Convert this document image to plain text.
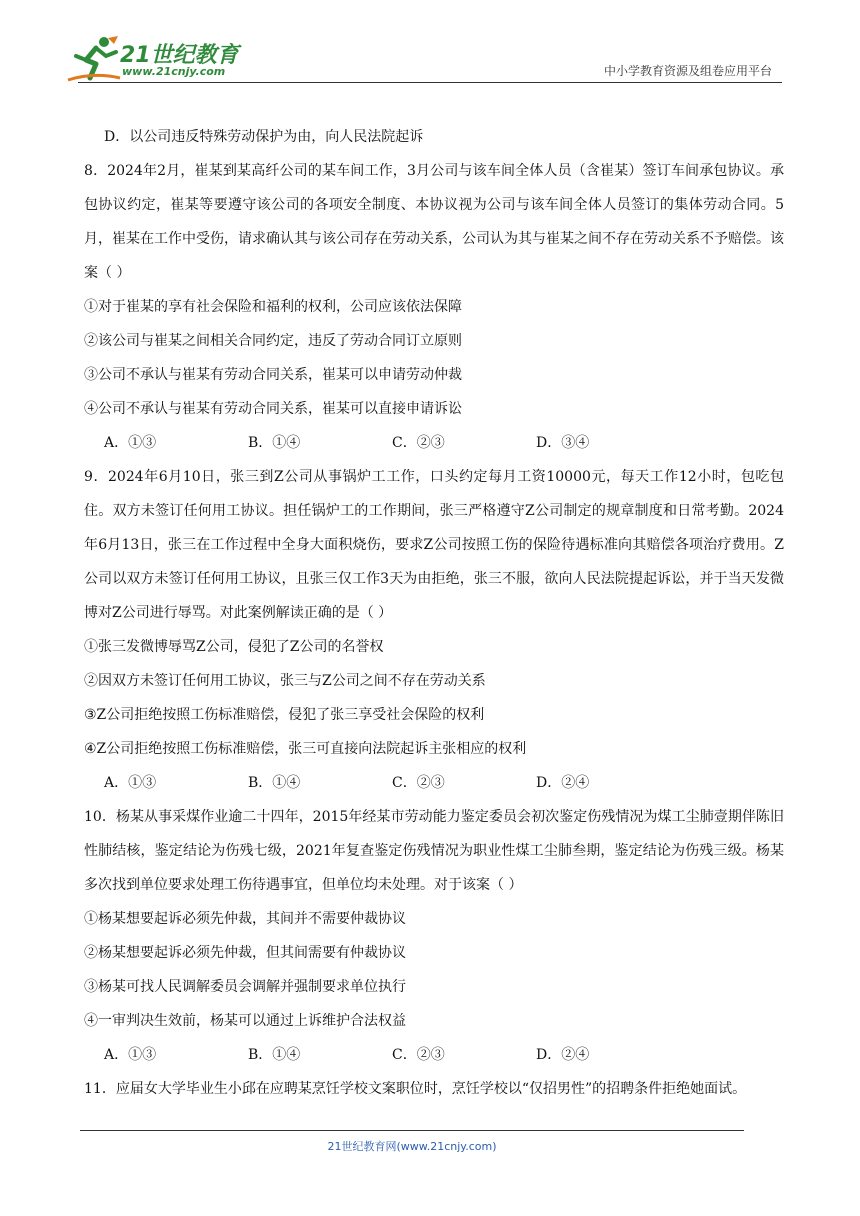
21世纪教育
www.21cnjy.com	中小学教育资源及组卷应用平台

D．以公司违反特殊劳动保护为由，向人民法院起诉

8．2024年2月，崔某到某高纤公司的某车间工作，3月公司与该车间全体人员（含崔某）签订车间承包协议。承包协议约定，崔某等要遵守该公司的各项安全制度、本协议视为公司与该车间全体人员签订的集体劳动合同。5月，崔某在工作中受伤，请求确认其与该公司存在劳动关系，公司认为其与崔某之间不存在劳动关系不予赔偿。该案（ ）

①对于崔某的享有社会保险和福利的权利，公司应该依法保障

②该公司与崔某之间相关合同约定，违反了劳动合同订立原则

③公司不承认与崔某有劳动合同关系，崔某可以申请劳动仲裁

④公司不承认与崔某有劳动合同关系，崔某可以直接申请诉讼

A．①③	B．①④	C．②③	D．③④

9．2024年6月10日，张三到Z公司从事锅炉工工作，口头约定每月工资10000元，每天工作12小时，包吃包住。双方未签订任何用工协议。担任锅炉工的工作期间，张三严格遵守Z公司制定的规章制度和日常考勤。2024年6月13日，张三在工作过程中全身大面积烧伤，要求Z公司按照工伤的保险待遇标准向其赔偿各项治疗费用。Z公司以双方未签订任何用工协议，且张三仅工作3天为由拒绝，张三不服，欲向人民法院提起诉讼，并于当天发微博对Z公司进行辱骂。对此案例解读正确的是（ ）

①张三发微博辱骂Z公司，侵犯了Z公司的名誉权

②因双方未签订任何用工协议，张三与Z公司之间不存在劳动关系

③Z公司拒绝按照工伤标准赔偿，侵犯了张三享受社会保险的权利

④Z公司拒绝按照工伤标准赔偿，张三可直接向法院起诉主张相应的权利

A．①③	B．①④	C．②③	D．②④

10．杨某从事采煤作业逾二十四年，2015年经某市劳动能力鉴定委员会初次鉴定伤残情况为煤工尘肺壹期伴陈旧性肺结核，鉴定结论为伤残七级，2021年复查鉴定伤残情况为职业性煤工尘肺叁期，鉴定结论为伤残三级。杨某多次找到单位要求处理工伤待遇事宜，但单位均未处理。对于该案（ ）

①杨某想要起诉必须先仲裁，其间并不需要仲裁协议

②杨某想要起诉必须先仲裁，但其间需要有仲裁协议

③杨某可找人民调解委员会调解并强制要求单位执行

④一审判决生效前，杨某可以通过上诉维护合法权益

A．①③	B．①④	C．②③	D．②④

11．应届女大学毕业生小邱在应聘某烹饪学校文案职位时，烹饪学校以“仅招男性”的招聘条件拒绝她面试。

21世纪教育网(www.21cnjy.com)
